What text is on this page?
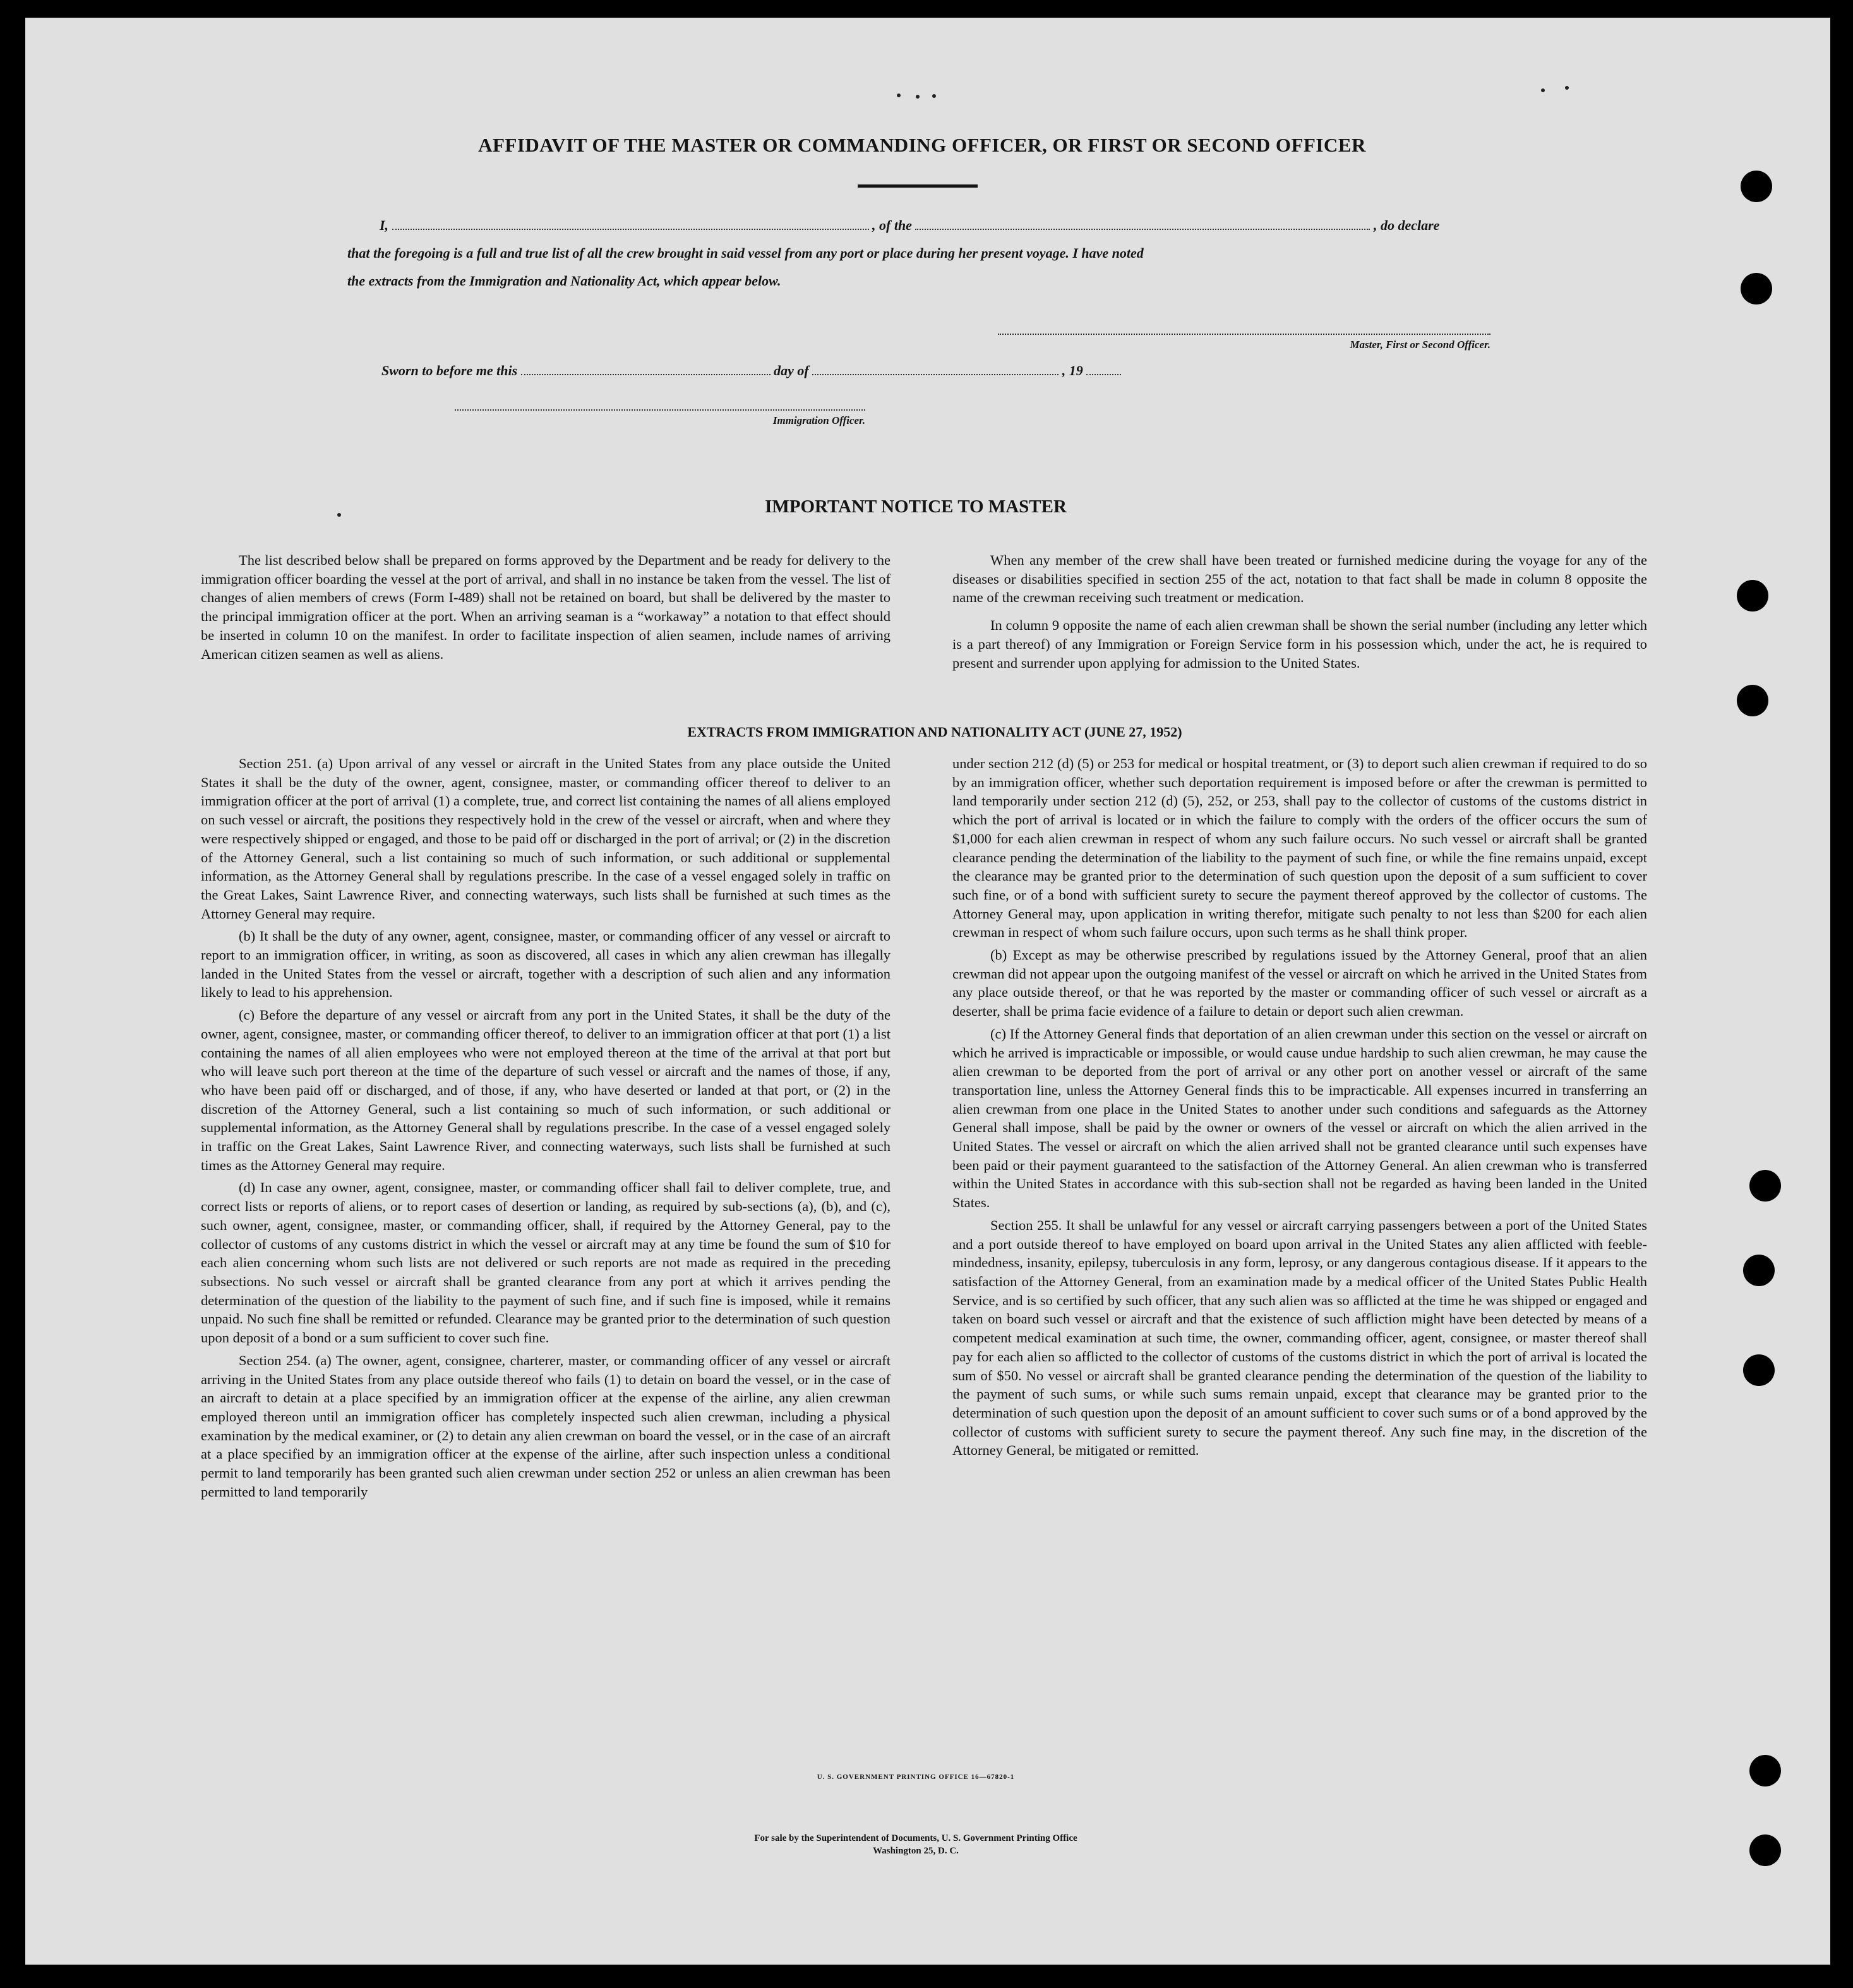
AFFIDAVIT OF THE MASTER OR COMMANDING OFFICER, OR FIRST OR SECOND OFFICER
I,	, of the	, do declare
that the foregoing is a full and true list of all the crew brought in said vessel from any port or place during her present voyage. I have noted
the extracts from the Immigration and Nationality Act, which appear below.
Master, First or Second Officer.
Sworn to before me this	day of	, 19
Immigration Officer.
IMPORTANT NOTICE TO MASTER

The list described below shall be prepared on forms approved by the Department and be ready for delivery to the immigration officer boarding the vessel at the port of arrival, and shall in no instance be taken from the vessel. The list of changes of alien members of crews (Form I-489) shall not be retained on board, but shall be delivered by the master to the principal immigration officer at the port. When an arriving seaman is a “workaway” a notation to that effect should be inserted in column 10 on the manifest. In order to facilitate inspection of alien seamen, include names of arriving American citizen seamen as well as aliens.

When any member of the crew shall have been treated or furnished medicine during the voyage for any of the diseases or disabilities specified in section 255 of the act, notation to that fact shall be made in column 8 opposite the name of the crewman receiving such treatment or medication.

In column 9 opposite the name of each alien crewman shall be shown the serial number (including any letter which is a part thereof) of any Immigration or Foreign Service form in his possession which, under the act, he is required to present and surrender upon applying for admission to the United States.

EXTRACTS FROM IMMIGRATION AND NATIONALITY ACT (JUNE 27, 1952)

Section 251. (a) Upon arrival of any vessel or aircraft in the United States from any place outside the United States it shall be the duty of the owner, agent, consignee, master, or commanding officer thereof to deliver to an immigration officer at the port of arrival (1) a complete, true, and correct list containing the names of all aliens employed on such vessel or aircraft, the positions they respectively hold in the crew of the vessel or aircraft, when and where they were respectively shipped or engaged, and those to be paid off or discharged in the port of arrival; or (2) in the discretion of the Attorney General, such a list containing so much of such information, or such additional or supplemental information, as the Attorney General shall by regulations prescribe. In the case of a vessel engaged solely in traffic on the Great Lakes, Saint Lawrence River, and connecting waterways, such lists shall be furnished at such times as the Attorney General may require.

(b) It shall be the duty of any owner, agent, consignee, master, or commanding officer of any vessel or aircraft to report to an immigration officer, in writing, as soon as discovered, all cases in which any alien crewman has illegally landed in the United States from the vessel or aircraft, together with a description of such alien and any information likely to lead to his apprehension.

(c) Before the departure of any vessel or aircraft from any port in the United States, it shall be the duty of the owner, agent, consignee, master, or commanding officer thereof, to deliver to an immigration officer at that port (1) a list containing the names of all alien employees who were not employed thereon at the time of the arrival at that port but who will leave such port thereon at the time of the departure of such vessel or aircraft and the names of those, if any, who have been paid off or discharged, and of those, if any, who have deserted or landed at that port, or (2) in the discretion of the Attorney General, such a list containing so much of such information, or such additional or supplemental information, as the Attorney General shall by regulations prescribe. In the case of a vessel engaged solely in traffic on the Great Lakes, Saint Lawrence River, and connecting waterways, such lists shall be furnished at such times as the Attorney General may require.

(d) In case any owner, agent, consignee, master, or commanding officer shall fail to deliver complete, true, and correct lists or reports of aliens, or to report cases of desertion or landing, as required by sub-sections (a), (b), and (c), such owner, agent, consignee, master, or commanding officer, shall, if required by the Attorney General, pay to the collector of customs of any customs district in which the vessel or aircraft may at any time be found the sum of $10 for each alien concerning whom such lists are not delivered or such reports are not made as required in the preceding subsections. No such vessel or aircraft shall be granted clearance from any port at which it arrives pending the determination of the question of the liability to the payment of such fine, and if such fine is imposed, while it remains unpaid. No such fine shall be remitted or refunded. Clearance may be granted prior to the determination of such question upon deposit of a bond or a sum sufficient to cover such fine.

Section 254. (a) The owner, agent, consignee, charterer, master, or commanding officer of any vessel or aircraft arriving in the United States from any place outside thereof who fails (1) to detain on board the vessel, or in the case of an aircraft to detain at a place specified by an immigration officer at the expense of the airline, any alien crewman employed thereon until an immigration officer has completely inspected such alien crewman, including a physical examination by the medical examiner, or (2) to detain any alien crewman on board the vessel, or in the case of an aircraft at a place specified by an immigration officer at the expense of the airline, after such inspection unless a conditional permit to land temporarily has been granted such alien crewman under section 252 or unless an alien crewman has been permitted to land temporarily

under section 212 (d) (5) or 253 for medical or hospital treatment, or (3) to deport such alien crewman if required to do so by an immigration officer, whether such deportation requirement is imposed before or after the crewman is permitted to land temporarily under section 212 (d) (5), 252, or 253, shall pay to the collector of customs of the customs district in which the port of arrival is located or in which the failure to comply with the orders of the officer occurs the sum of $1,000 for each alien crewman in respect of whom any such failure occurs. No such vessel or aircraft shall be granted clearance pending the determination of the liability to the payment of such fine, or while the fine remains unpaid, except the clearance may be granted prior to the determination of such question upon the deposit of a sum sufficient to cover such fine, or of a bond with sufficient surety to secure the payment thereof approved by the collector of customs. The Attorney General may, upon application in writing therefor, mitigate such penalty to not less than $200 for each alien crewman in respect of whom such failure occurs, upon such terms as he shall think proper.

(b) Except as may be otherwise prescribed by regulations issued by the Attorney General, proof that an alien crewman did not appear upon the outgoing manifest of the vessel or aircraft on which he arrived in the United States from any place outside thereof, or that he was reported by the master or commanding officer of such vessel or aircraft as a deserter, shall be prima facie evidence of a failure to detain or deport such alien crewman.

(c) If the Attorney General finds that deportation of an alien crewman under this section on the vessel or aircraft on which he arrived is impracticable or impossible, or would cause undue hardship to such alien crewman, he may cause the alien crewman to be deported from the port of arrival or any other port on another vessel or aircraft of the same transportation line, unless the Attorney General finds this to be impracticable. All expenses incurred in transferring an alien crewman from one place in the United States to another under such conditions and safeguards as the Attorney General shall impose, shall be paid by the owner or owners of the vessel or aircraft on which the alien arrived in the United States. The vessel or aircraft on which the alien arrived shall not be granted clearance until such expenses have been paid or their payment guaranteed to the satisfaction of the Attorney General. An alien crewman who is transferred within the United States in accordance with this sub-section shall not be regarded as having been landed in the United States.

Section 255. It shall be unlawful for any vessel or aircraft carrying passengers between a port of the United States and a port outside thereof to have employed on board upon arrival in the United States any alien afflicted with feeble-mindedness, insanity, epilepsy, tuberculosis in any form, leprosy, or any dangerous contagious disease. If it appears to the satisfaction of the Attorney General, from an examination made by a medical officer of the United States Public Health Service, and is so certified by such officer, that any such alien was so afflicted at the time he was shipped or engaged and taken on board such vessel or aircraft and that the existence of such affliction might have been detected by means of a competent medical examination at such time, the owner, commanding officer, agent, consignee, or master thereof shall pay for each alien so afflicted to the collector of customs of the customs district in which the port of arrival is located the sum of $50. No vessel or aircraft shall be granted clearance pending the determination of the question of the liability to the payment of such sums, or while such sums remain unpaid, except that clearance may be granted prior to the determination of such question upon the deposit of an amount sufficient to cover such sums or of a bond approved by the collector of customs with sufficient surety to secure the payment thereof. Any such fine may, in the discretion of the Attorney General, be mitigated or remitted.

U. S. GOVERNMENT PRINTING OFFICE 16—67820-1
For sale by the Superintendent of Documents, U. S. Government Printing Office
Washington 25, D. C.
